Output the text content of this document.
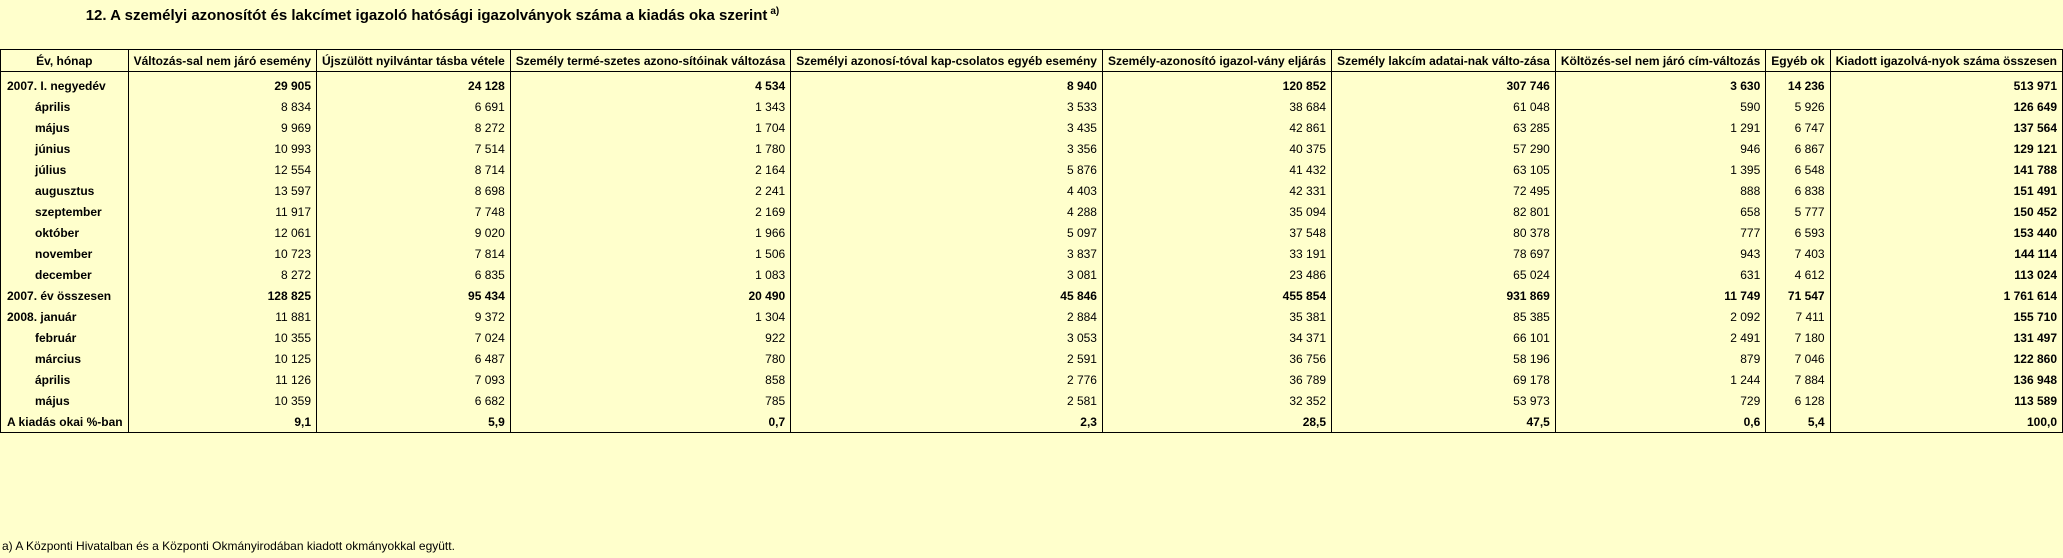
12. A személyi azonosítót és lakcímet igazoló hatósági igazolványok száma a kiadás oka szerint $^{a)}$
Év, hónap	Változás-sal nem járó esemény	Újszülött nyilvántar tásba vétele	Személy termé-szetes azono-sítóinak változása	Személyi azonosí-tóval kap-csolatos egyéb esemény	Személy-azonosító igazol-vány eljárás	Személy lakcím adatai-nak válto-zása	Költözés-sel nem járó cím-változás	Egyéb ok	Kiadott igazolvá-nyok száma összesen
2007. I. negyedév	29 905	24 128	4 534	8 940	120 852	307 746	3 630	14 236	513 971
április	8 834	6 691	1 343	3 533	38 684	61 048	590	5 926	126 649
május	9 969	8 272	1 704	3 435	42 861	63 285	1 291	6 747	137 564
június	10 993	7 514	1 780	3 356	40 375	57 290	946	6 867	129 121
július	12 554	8 714	2 164	5 876	41 432	63 105	1 395	6 548	141 788
augusztus	13 597	8 698	2 241	4 403	42 331	72 495	888	6 838	151 491
szeptember	11 917	7 748	2 169	4 288	35 094	82 801	658	5 777	150 452
október	12 061	9 020	1 966	5 097	37 548	80 378	777	6 593	153 440
november	10 723	7 814	1 506	3 837	33 191	78 697	943	7 403	144 114
december	8 272	6 835	1 083	3 081	23 486	65 024	631	4 612	113 024
2007. év összesen	128 825	95 434	20 490	45 846	455 854	931 869	11 749	71 547	1 761 614
2008. január	11 881	9 372	1 304	2 884	35 381	85 385	2 092	7 411	155 710
február	10 355	7 024	922	3 053	34 371	66 101	2 491	7 180	131 497
március	10 125	6 487	780	2 591	36 756	58 196	879	7 046	122 860
április	11 126	7 093	858	2 776	36 789	69 178	1 244	7 884	136 948
május	10 359	6 682	785	2 581	32 352	53 973	729	6 128	113 589
A kiadás okai %-ban	9,1	5,9	0,7	2,3	28,5	47,5	0,6	5,4	100,0
a) A Központi Hivatalban és a Központi Okmányirodában kiadott okmányokkal együtt.
